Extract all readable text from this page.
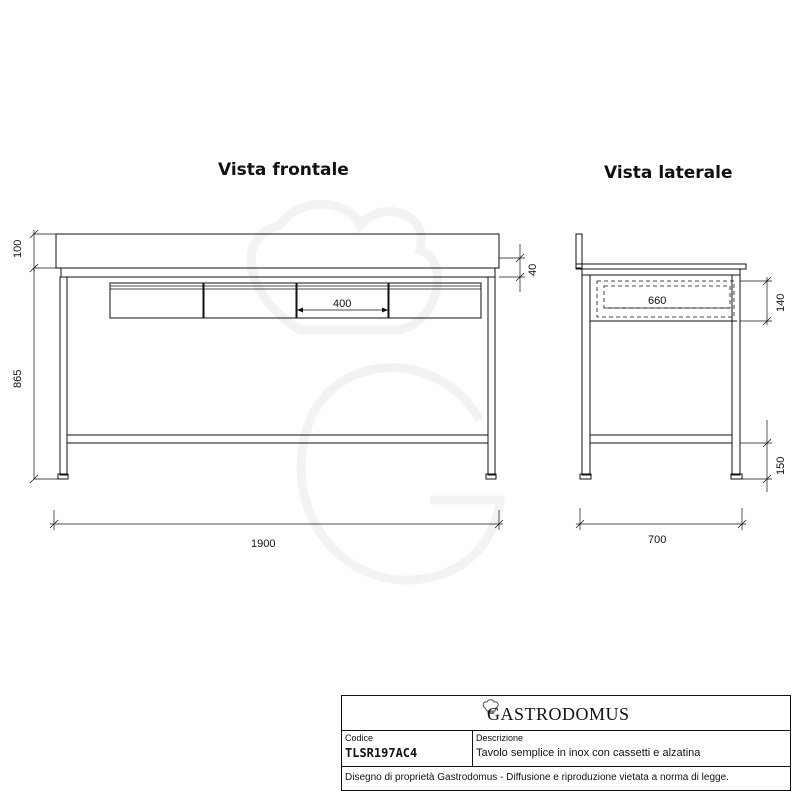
100
865
40
400
1900
660	140
150
700
Vista frontale	Vista laterale
GASTRODOMUS
Codice
TLSR197AC4
Descrizione
Tavolo semplice in inox con cassetti e alzatina
Disegno di proprietà Gastrodomus - Diffusione e riproduzione vietata a norma di legge.
